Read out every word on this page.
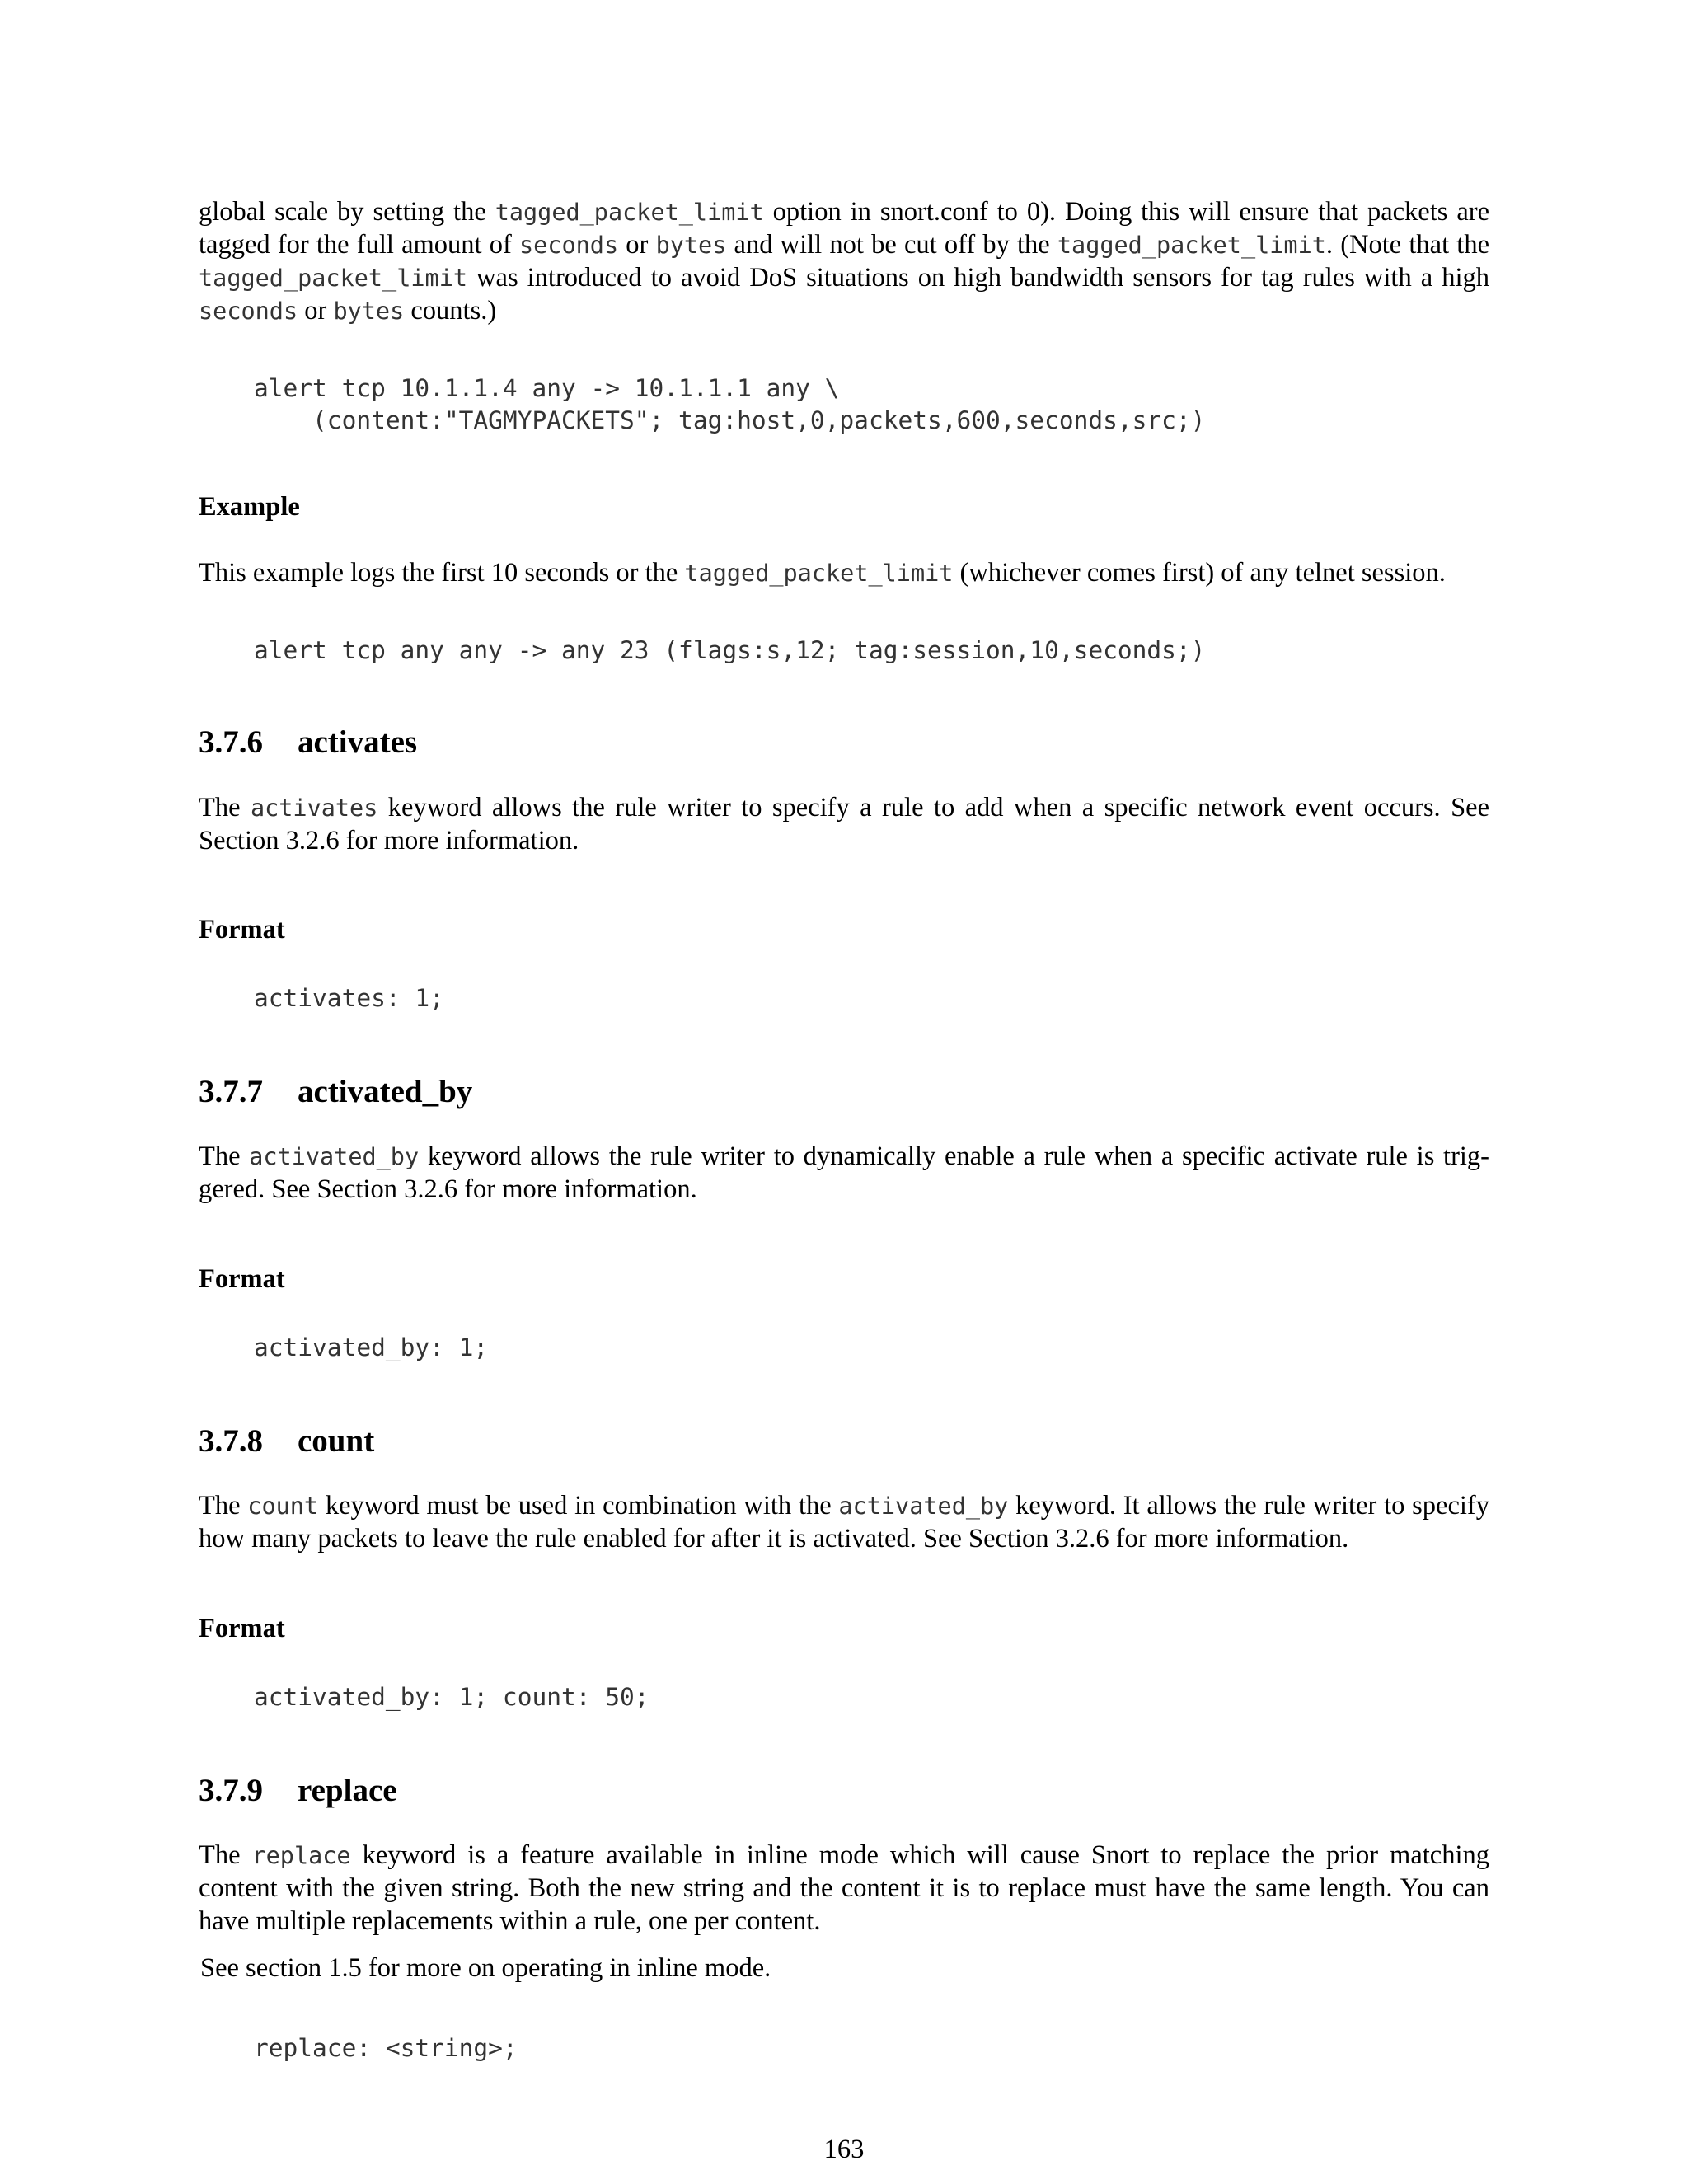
global scale by setting the tagged_packet_limit option in snort.conf to 0). Doing this will ensure that packets are
tagged for the full amount of seconds or bytes and will not be cut off by the tagged_packet_limit. (Note that the
tagged_packet_limit was introduced to avoid DoS situations on high bandwidth sensors for tag rules with a high
seconds or bytes counts.)
alert tcp 10.1.1.4 any -> 10.1.1.1 any \
(content:"TAGMYPACKETS"; tag:host,0,packets,600,seconds,src;)
Example
This example logs the first 10 seconds or the tagged_packet_limit (whichever comes first) of any telnet session.
alert tcp any any -> any 23 (flags:s,12; tag:session,10,seconds;)
3.7.6 activates
The activates keyword allows the rule writer to specify a rule to add when a specific network event occurs. See
Section 3.2.6 for more information.
Format
activates: 1;
3.7.7 activated_by
The activated_by keyword allows the rule writer to dynamically enable a rule when a specific activate rule is trig-
gered. See Section 3.2.6 for more information.
Format
activated_by: 1;
3.7.8 count
The count keyword must be used in combination with the activated_by keyword. It allows the rule writer to specify
how many packets to leave the rule enabled for after it is activated. See Section 3.2.6 for more information.
Format
activated_by: 1; count: 50;
3.7.9 replace
The replace keyword is a feature available in inline mode which will cause Snort to replace the prior matching
content with the given string. Both the new string and the content it is to replace must have the same length. You can
have multiple replacements within a rule, one per content.

See section 1.5 for more on operating in inline mode.

replace: <string>;

163
